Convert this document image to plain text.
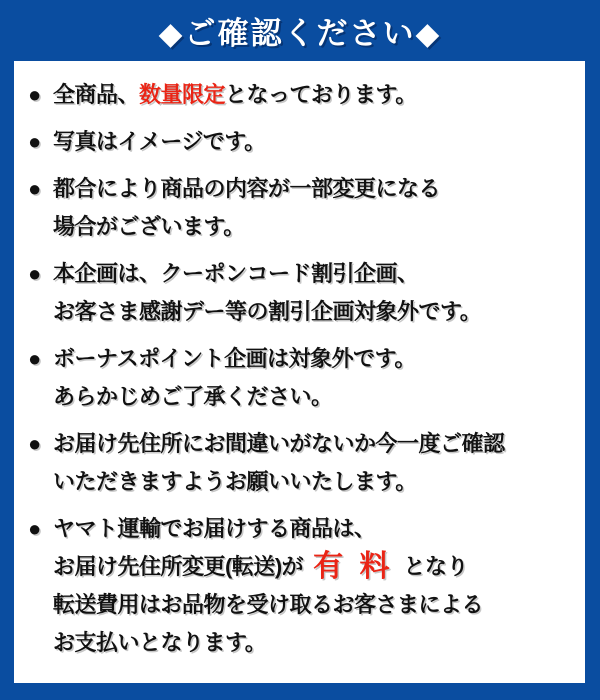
◆ご確認ください◆
● 全商品、数量限定となっております。
● 写真はイメージです。
● 都合により商品の内容が一部変更になる
場合がございます。
● 本企画は、クーポンコード割引企画、
お客さま感謝デー等の割引企画対象外です。
● ボーナスポイント企画は対象外です。
あらかじめご了承ください。
● お届け先住所にお間違いがないか今一度ご確認
いただきますようお願いいたします。
● ヤマト運輸でお届けする商品は、
お届け先住所変更(転送)が 有 料 となり
転送費用はお品物を受け取るお客さまによる
お支払いとなります。
